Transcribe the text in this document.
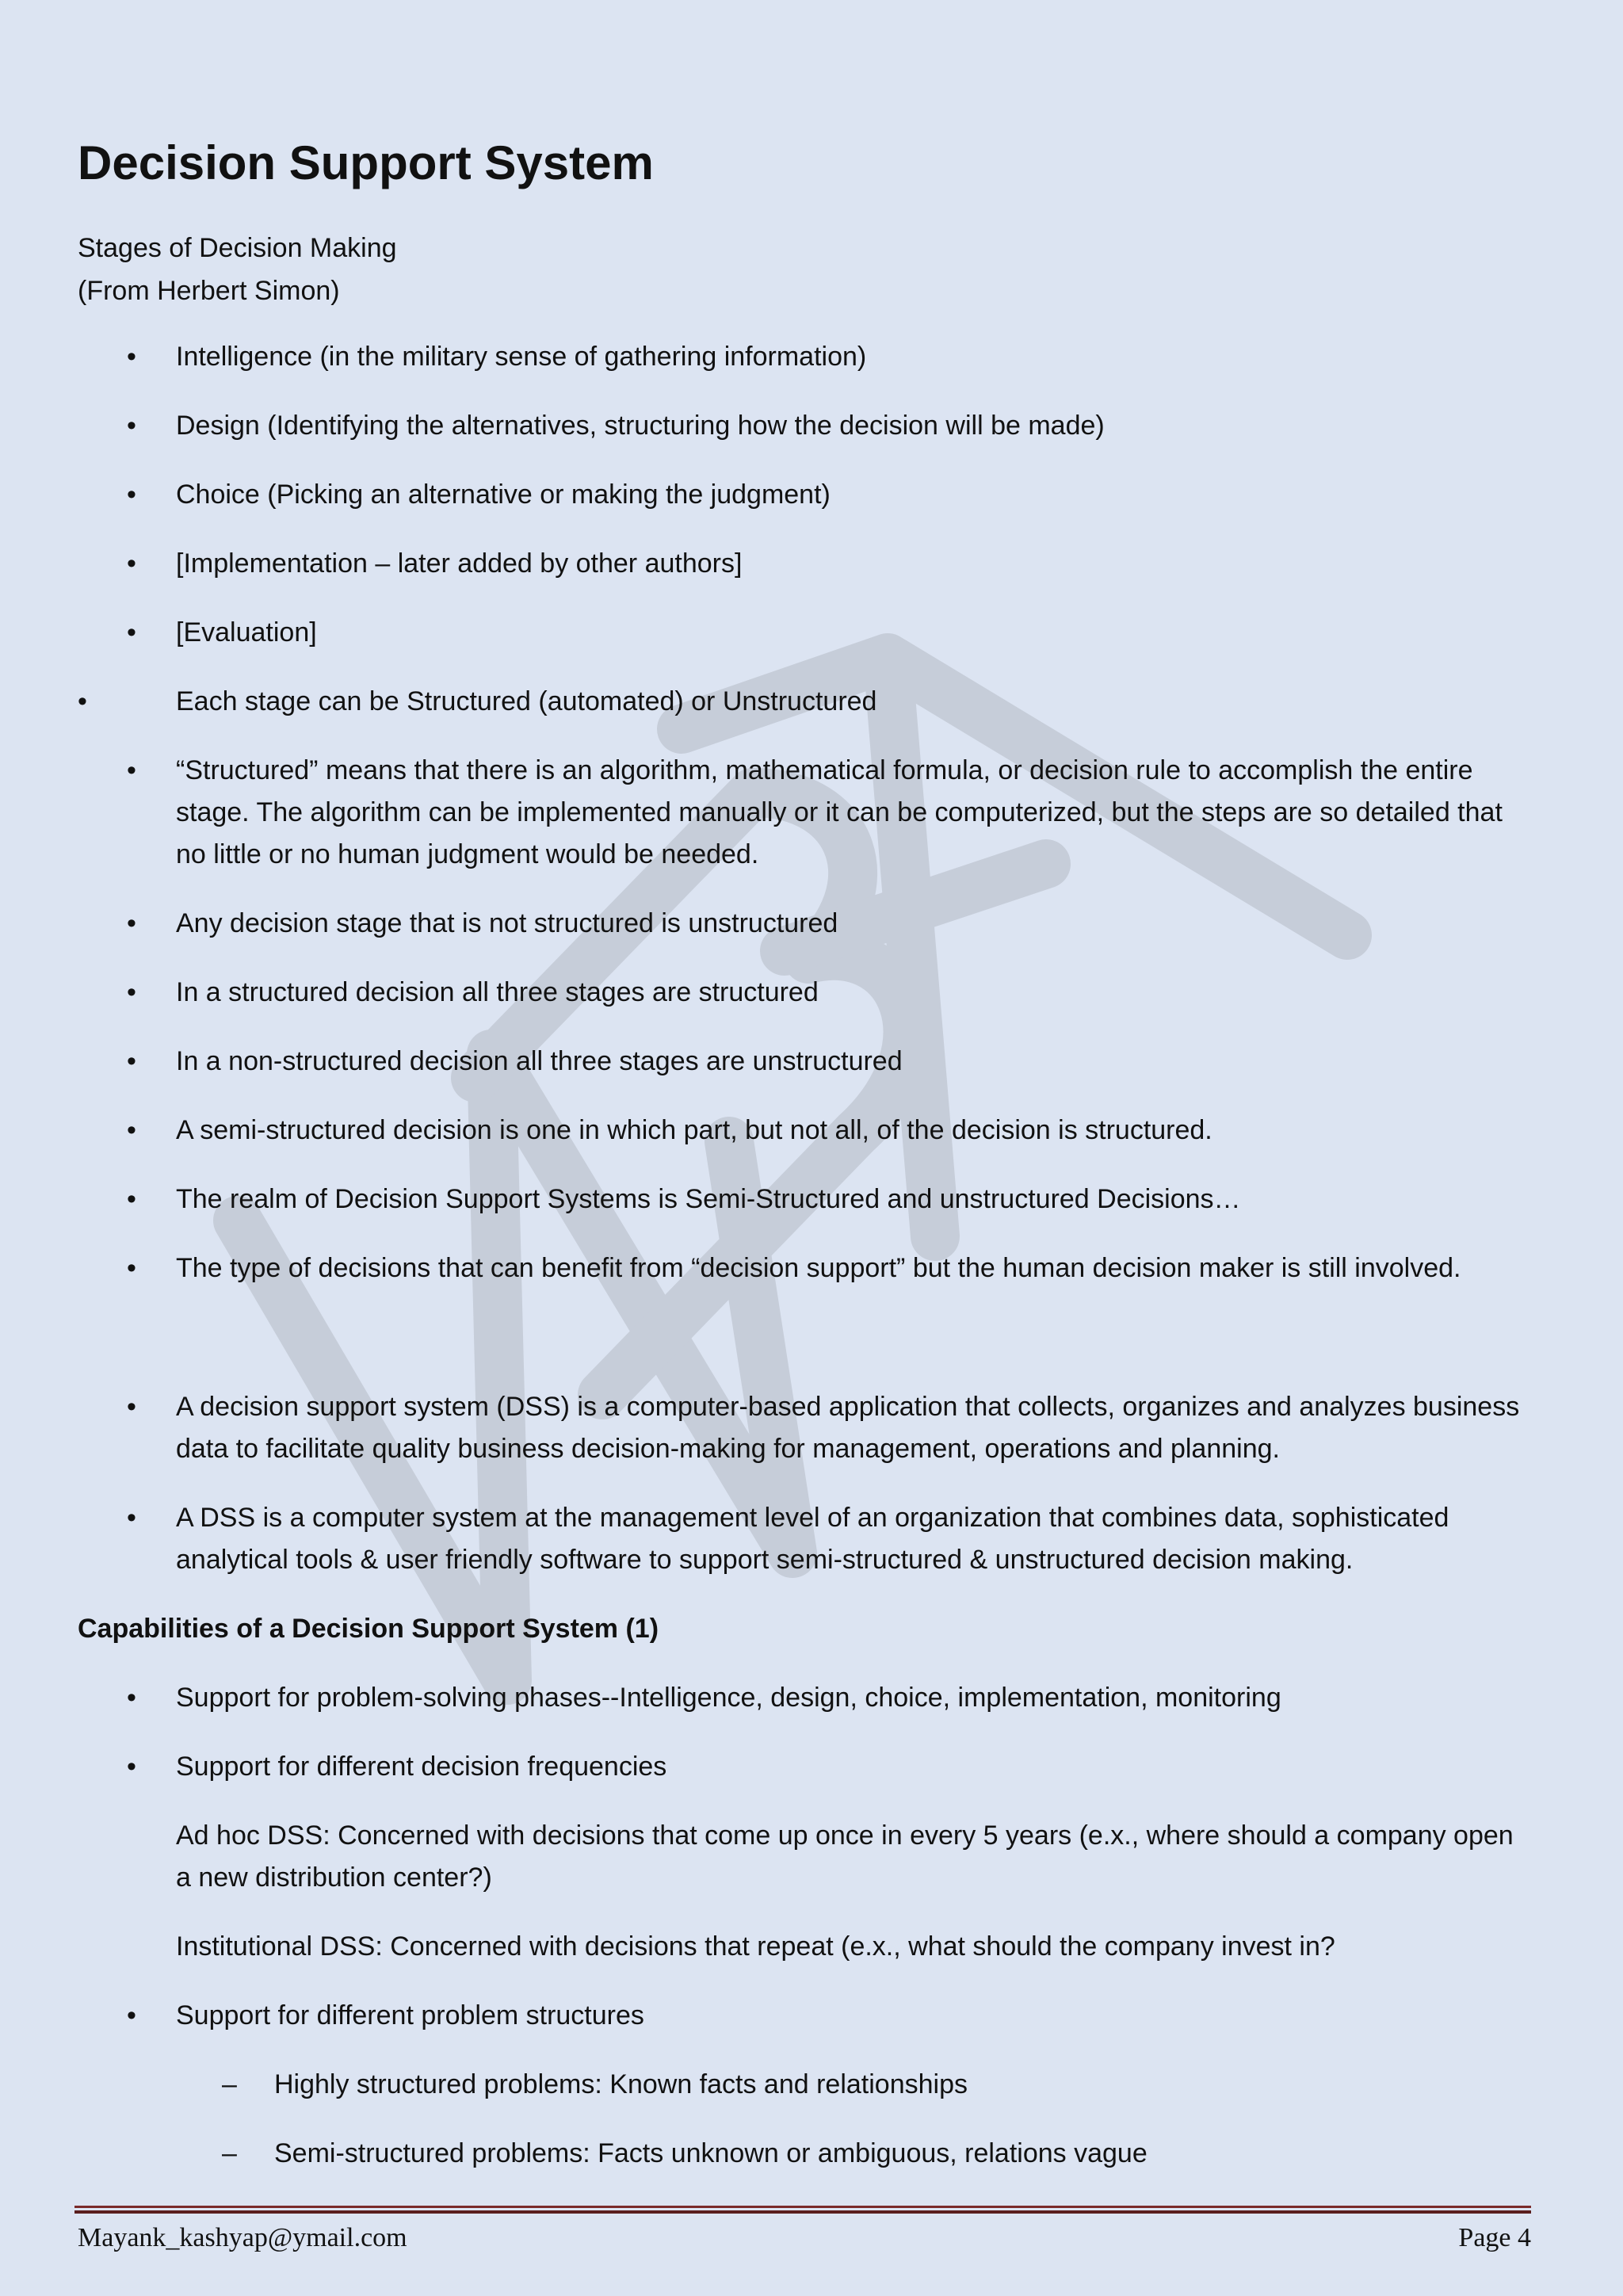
Decision Support System

Stages of Decision Making

(From Herbert Simon)

• Intelligence (in the military sense of gathering information)
• Design (Identifying the alternatives, structuring how the decision will be made)
• Choice (Picking an alternative or making the judgment)
• [Implementation – later added by other authors]
• [Evaluation]
•	Each stage can be Structured (automated) or Unstructured
• “Structured” means that there is an algorithm, mathematical formula, or decision rule to accomplish the entire stage. The algorithm can be implemented manually or it can be computerized, but the steps are so detailed that no little or no human judgment would be needed.
• Any decision stage that is not structured is unstructured
• In a structured decision all three stages are structured
• In a non-structured decision all three stages are unstructured
• A semi-structured decision is one in which part, but not all, of the decision is structured.
• The realm of Decision Support Systems is Semi-Structured and unstructured Decisions…
• The type of decisions that can benefit from “decision support” but the human decision maker is still involved.
• A decision support system (DSS) is a computer-based application that collects, organizes and analyzes business data to facilitate quality business decision-making for management, operations and planning.
• A DSS is a computer system at the management level of an organization that combines data, sophisticated analytical tools & user friendly software to support semi-structured & unstructured decision making.
Capabilities of a Decision Support System (1)
• Support for problem-solving phases--Intelligence, design, choice, implementation, monitoring
• Support for different decision frequencies
Ad hoc DSS: Concerned with decisions that come up once in every 5 years (e.x., where should a company open a new distribution center?)
Institutional DSS: Concerned with decisions that repeat (e.x., what should the company invest in?
• Support for different problem structures
– Highly structured problems: Known facts and relationships
– Semi-structured problems: Facts unknown or ambiguous, relations vague
Mayank_kashyap@ymail.com	Page 4
